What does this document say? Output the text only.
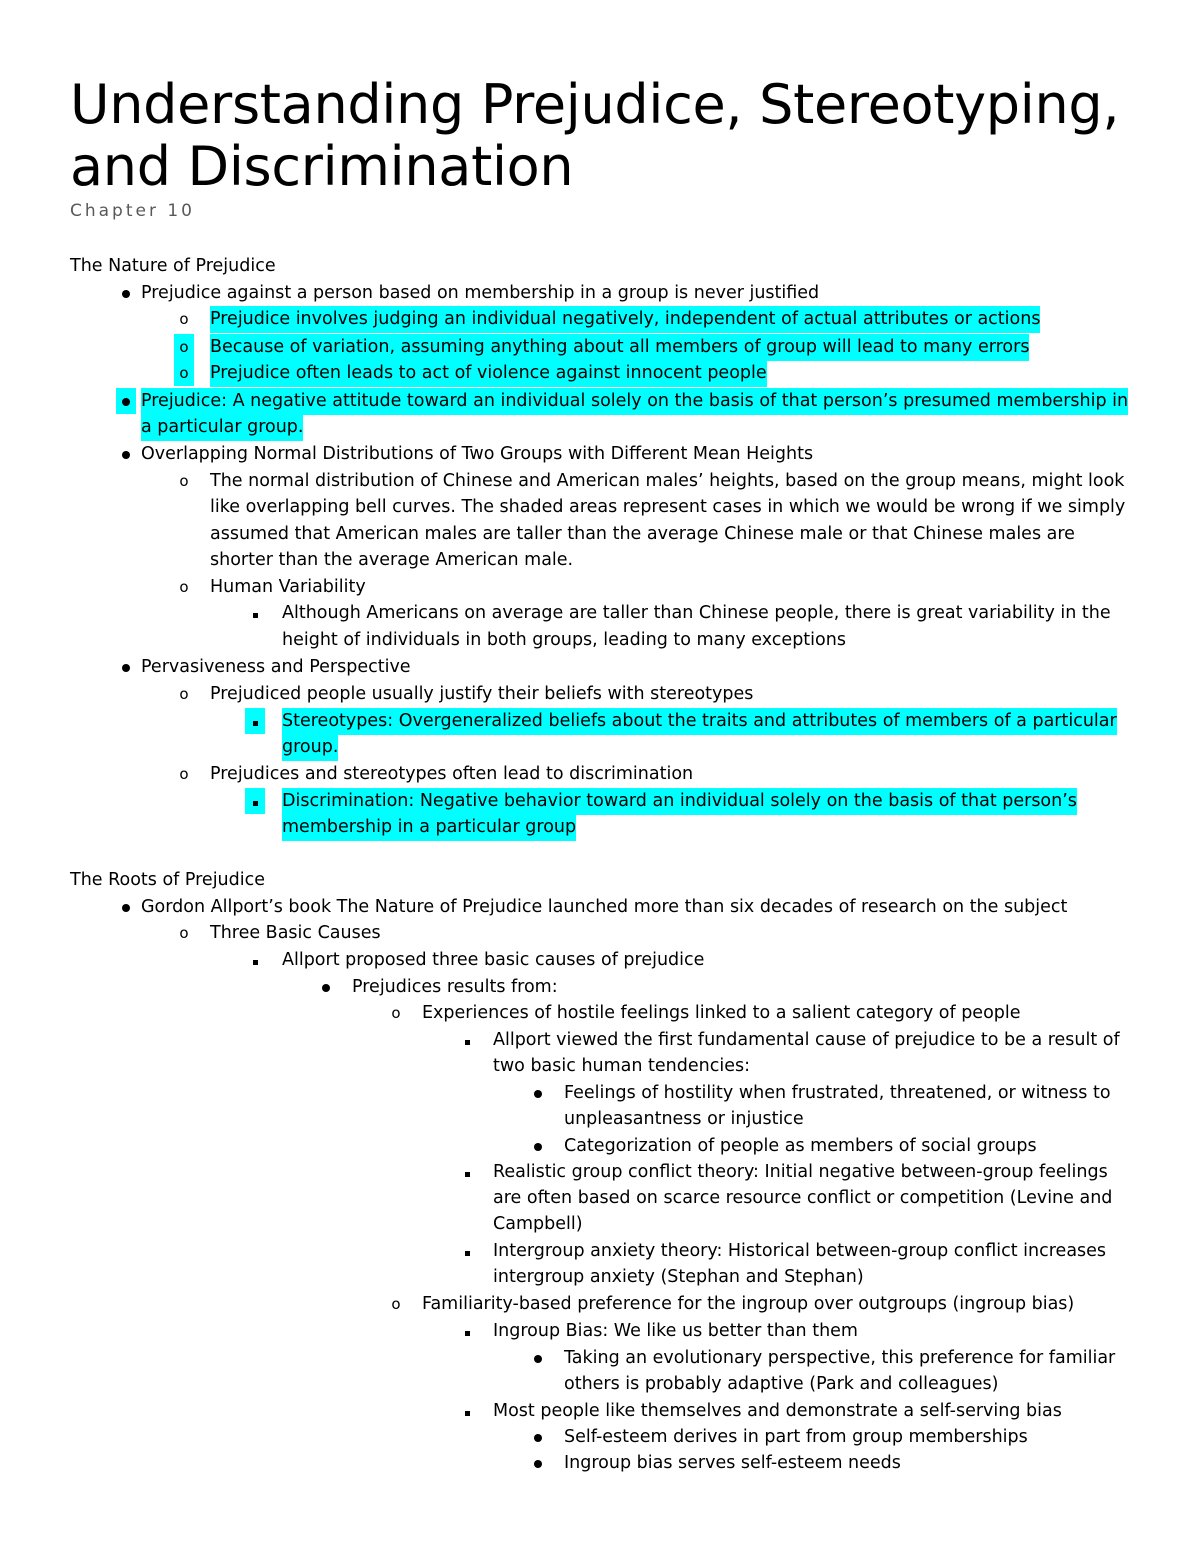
Understanding Prejudice, Stereotyping,
and Discrimination
Chapter 10
The Nature of Prejudice
Prejudice against a person based on membership in a group is never justified
o	Prejudice involves judging an individual negatively, independent of actual attributes or actions
o	Because of variation, assuming anything about all members of group will lead to many errors
o	Prejudice often leads to act of violence against innocent people
Prejudice: A negative attitude toward an individual solely on the basis of that person’s presumed membership in
a particular group.
Overlapping Normal Distributions of Two Groups with Different Mean Heights
o	The normal distribution of Chinese and American males’ heights, based on the group means, might look
like overlapping bell curves. The shaded areas represent cases in which we would be wrong if we simply
assumed that American males are taller than the average Chinese male or that Chinese males are
shorter than the average American male.
o	Human Variability
Although Americans on average are taller than Chinese people, there is great variability in the
height of individuals in both groups, leading to many exceptions
Pervasiveness and Perspective
o	Prejudiced people usually justify their beliefs with stereotypes
Stereotypes: Overgeneralized beliefs about the traits and attributes of members of a particular
group.
o	Prejudices and stereotypes often lead to discrimination
Discrimination: Negative behavior toward an individual solely on the basis of that person’s
membership in a particular group
The Roots of Prejudice
Gordon Allport’s book The Nature of Prejudice launched more than six decades of research on the subject
o	Three Basic Causes
Allport proposed three basic causes of prejudice
Prejudices results from:
o	Experiences of hostile feelings linked to a salient category of people
Allport viewed the first fundamental cause of prejudice to be a result of
two basic human tendencies:
Feelings of hostility when frustrated, threatened, or witness to
unpleasantness or injustice
Categorization of people as members of social groups
Realistic group conflict theory: Initial negative between-group feelings
are often based on scarce resource conflict or competition (Levine and
Campbell)
Intergroup anxiety theory: Historical between-group conflict increases
intergroup anxiety (Stephan and Stephan)
o	Familiarity-based preference for the ingroup over outgroups (ingroup bias)
Ingroup Bias: We like us better than them
Taking an evolutionary perspective, this preference for familiar
others is probably adaptive (Park and colleagues)
Most people like themselves and demonstrate a self-serving bias
Self-esteem derives in part from group memberships
Ingroup bias serves self-esteem needs
